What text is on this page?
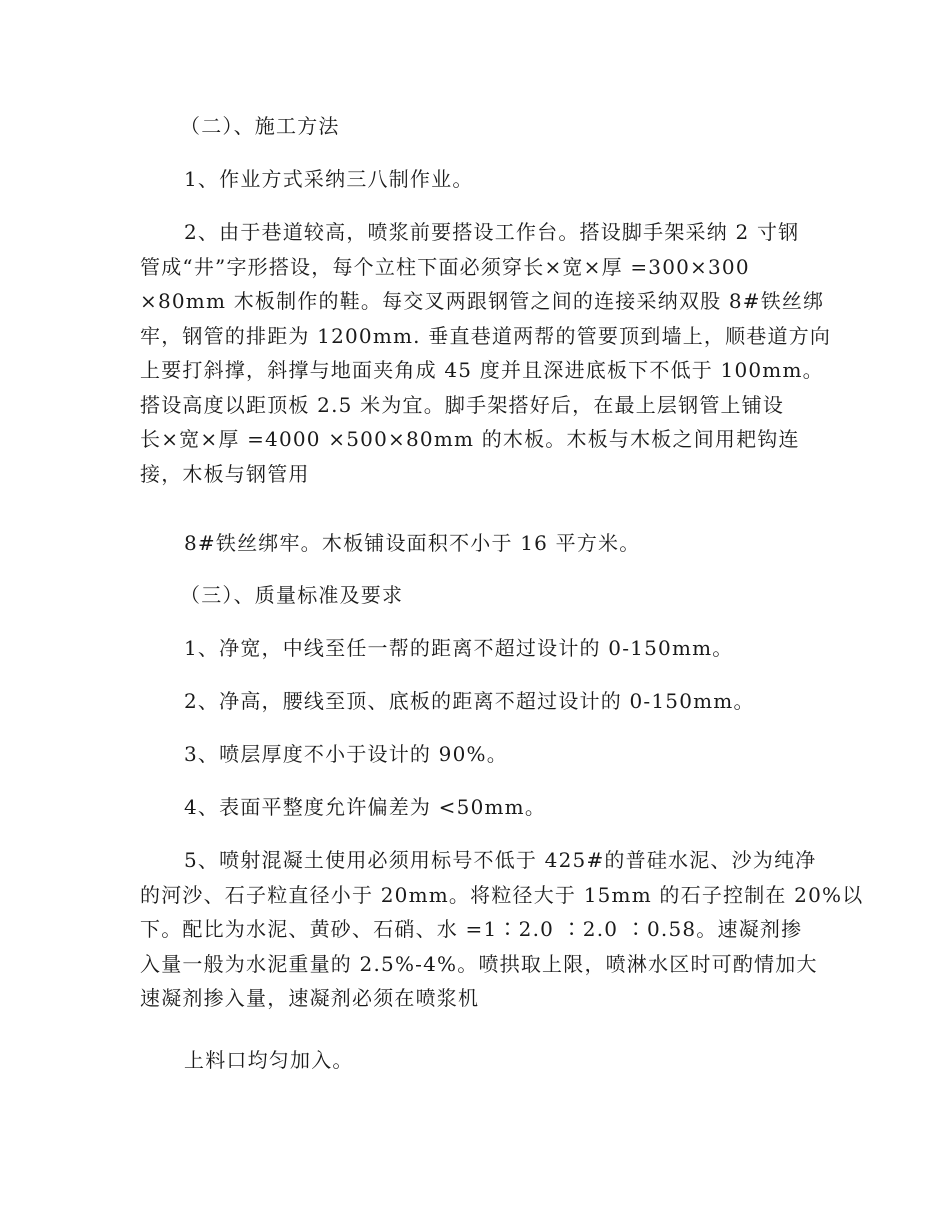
（二）、施工方法

1、作业方式采纳三八制作业。

2、由于巷道较高，喷浆前要搭设工作台。搭设脚手架采纳 2 寸钢
管成“井”字形搭设，每个立柱下面必须穿长×宽×厚 =300×300
×80mm 木板制作的鞋。每交叉两跟钢管之间的连接采纳双股 8#铁丝绑
牢，钢管的排距为 1200mm. 垂直巷道两帮的管要顶到墙上，顺巷道方向
上要打斜撑，斜撑与地面夹角成 45 度并且深进底板下不低于 100mm。
搭设高度以距顶板 2.5 米为宜。脚手架搭好后，在最上层钢管上铺设
长×宽×厚 =4000 ×500×80mm 的木板。木板与木板之间用耙钩连
接，木板与钢管用

8#铁丝绑牢。木板铺设面积不小于 16 平方米。

（三）、质量标准及要求

1、净宽，中线至任一帮的距离不超过设计的 0-150mm。

2、净高，腰线至顶、底板的距离不超过设计的 0-150mm。

3、喷层厚度不小于设计的 90%。

4、表面平整度允许偏差为 <50mm。

5、喷射混凝土使用必须用标号不低于 425#的普硅水泥、沙为纯净
的河沙、石子粒直径小于 20mm。将粒径大于 15mm 的石子控制在 20%以
下。配比为水泥、黄砂、石硝、水 =1∶2.0 ∶2.0 ∶0.58。速凝剂掺
入量一般为水泥重量的 2.5%-4%。喷拱取上限，喷淋水区时可酌情加大
速凝剂掺入量，速凝剂必须在喷浆机

上料口均匀加入。
